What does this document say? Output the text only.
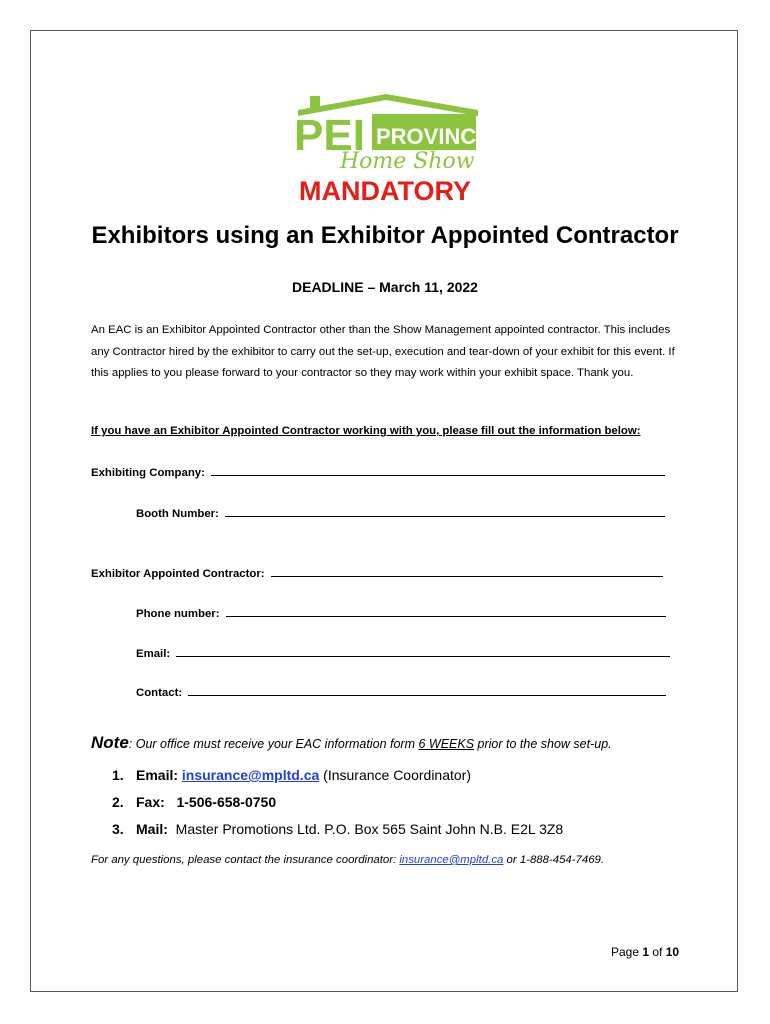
PEI PROVINCIAL
Home Show
MANDATORY
Exhibitors using an Exhibitor Appointed Contractor
DEADLINE – March 11, 2022
An EAC is an Exhibitor Appointed Contractor other than the Show Management appointed contractor. This includes any Contractor hired by the exhibitor to carry out the set-up, execution and tear-down of your exhibit for this event. If this applies to you please forward to your contractor so they may work within your exhibit space. Thank you.
If you have an Exhibitor Appointed Contractor working with you, please fill out the information below:
Exhibiting Company:
Booth Number:
Exhibitor Appointed Contractor:
Phone number:
Email:
Contact:
Note: Our office must receive your EAC information form 6 WEEKS prior to the show set-up.
1. Email: insurance@mpltd.ca (Insurance Coordinator)
2. Fax: 1-506-658-0750
3. Mail: Master Promotions Ltd. P.O. Box 565 Saint John N.B. E2L 3Z8
For any questions, please contact the insurance coordinator: insurance@mpltd.ca or 1-888-454-7469.
Page 1 of 10
